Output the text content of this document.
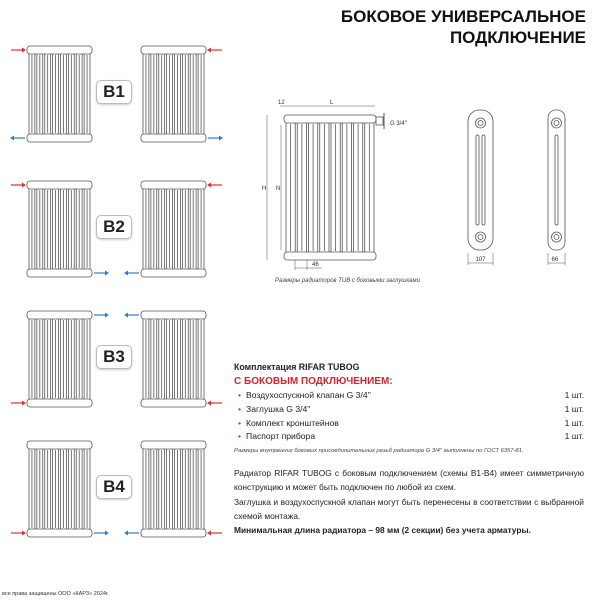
БОКОВОЕ УНИВЕРСАЛЬНОЕ
ПОДКЛЮЧЕНИЕ
B1
B2
B3
B4
12	L
G 3/4''
H N
46
107	66
Размеры радиаторов TUB с боковыми заглушками
Комплектация RIFAR TUBOG
С БОКОВЫМ ПОДКЛЮЧЕНИЕМ:
• Воздухоспускной клапан G 3/4''	1 шт.
• Заглушка G 3/4''	1 шт.
• Комплект кронштейнов	1 шт.
• Паспорт прибора	1 шт.
Размеры внутренних боковых присоединительных резьб радиатора G 3/4'' выполнены по ГОСТ 6357-81.
Радиатор RIFAR TUBOG с боковым подключением (схемы B1-B4) имеет симметричную конструкцию и может быть подключен по любой из схем.
Заглушка и воздухоспускной клапан могут быть перенесены в соответствии с выбранной схемой монтажа.
Минимальная длина радиатора – 98 мм (2 секции) без учета арматуры.
все права защищены ООО «КАРЗ» 2024г.
